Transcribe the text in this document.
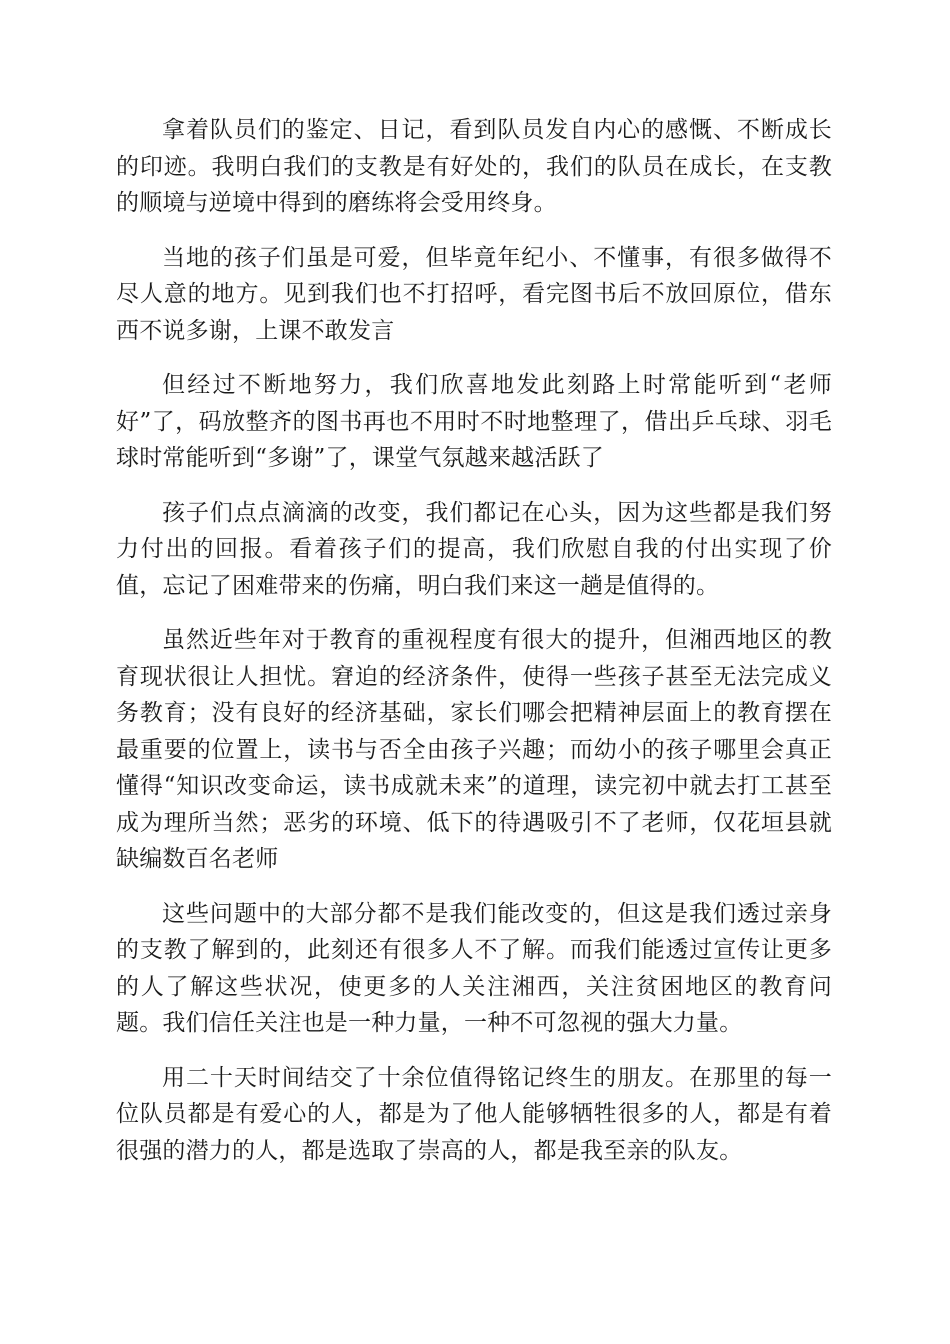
拿着队员们的鉴定、日记，看到队员发自内心的感慨、不断成长的印迹。我明白我们的支教是有好处的，我们的队员在成长，在支教的顺境与逆境中得到的磨练将会受用终身。

当地的孩子们虽是可爱，但毕竟年纪小、不懂事，有很多做得不尽人意的地方。见到我们也不打招呼，看完图书后不放回原位，借东西不说多谢，上课不敢发言

但经过不断地努力，我们欣喜地发此刻路上时常能听到“老师好”了，码放整齐的图书再也不用时不时地整理了，借出乒乓球、羽毛球时常能听到“多谢”了，课堂气氛越来越活跃了

孩子们点点滴滴的改变，我们都记在心头，因为这些都是我们努力付出的回报。看着孩子们的提高，我们欣慰自我的付出实现了价值，忘记了困难带来的伤痛，明白我们来这一趟是值得的。

虽然近些年对于教育的重视程度有很大的提升，但湘西地区的教育现状很让人担忧。窘迫的经济条件，使得一些孩子甚至无法完成义务教育；没有良好的经济基础，家长们哪会把精神层面上的教育摆在最重要的位置上，读书与否全由孩子兴趣；而幼小的孩子哪里会真正懂得“知识改变命运，读书成就未来”的道理，读完初中就去打工甚至成为理所当然；恶劣的环境、低下的待遇吸引不了老师，仅花垣县就缺编数百名老师

这些问题中的大部分都不是我们能改变的，但这是我们透过亲身的支教了解到的，此刻还有很多人不了解。而我们能透过宣传让更多的人了解这些状况，使更多的人关注湘西，关注贫困地区的教育问题。我们信任关注也是一种力量，一种不可忽视的强大力量。

用二十天时间结交了十余位值得铭记终生的朋友。在那里的每一位队员都是有爱心的人，都是为了他人能够牺牲很多的人，都是有着很强的潜力的人，都是选取了崇高的人，都是我至亲的队友。
